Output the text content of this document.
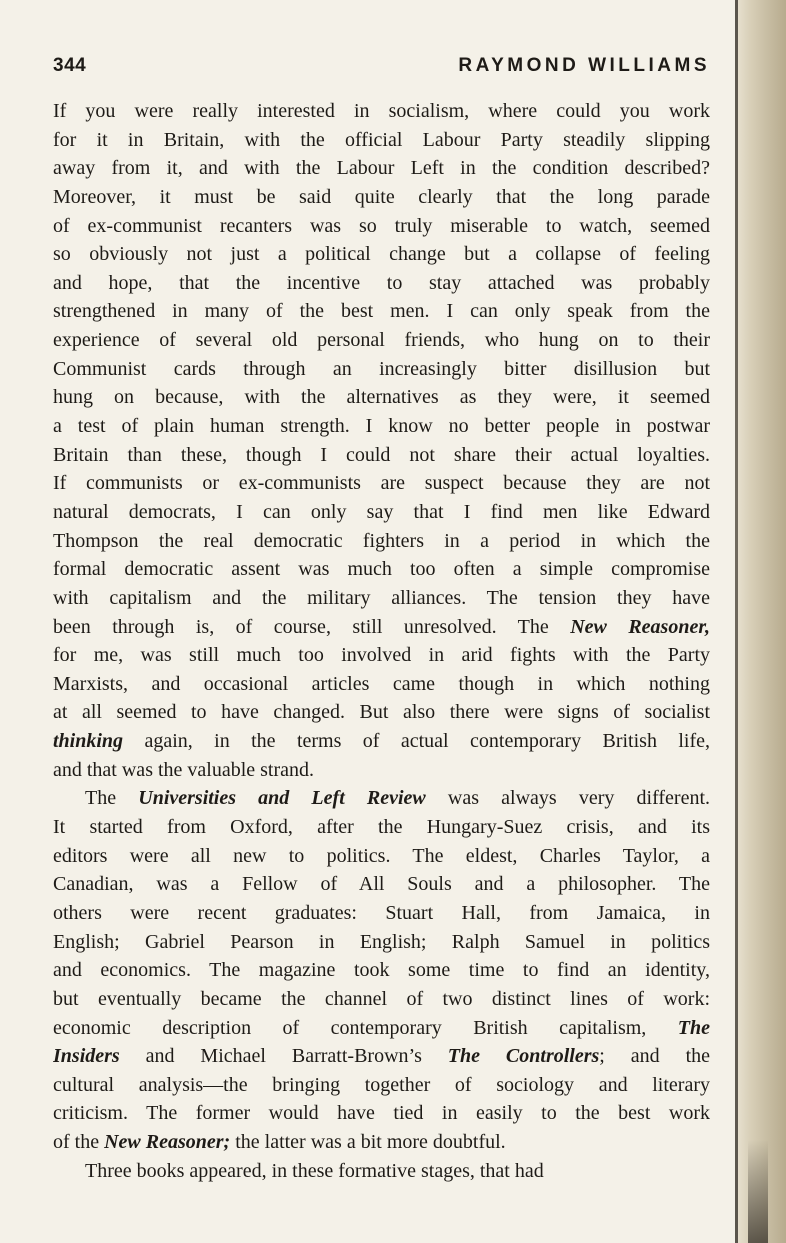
344	RAYMOND WILLIAMS
If you were really interested in socialism, where could you work
for it in Britain, with the official Labour Party steadily slipping
away from it, and with the Labour Left in the condition described?
Moreover, it must be said quite clearly that the long parade
of ex-communist recanters was so truly miserable to watch, seemed
so obviously not just a political change but a collapse of feeling
and hope, that the incentive to stay attached was probably
strengthened in many of the best men. I can only speak from the
experience of several old personal friends, who hung on to their
Communist cards through an increasingly bitter disillusion but
hung on because, with the alternatives as they were, it seemed
a test of plain human strength. I know no better people in postwar
Britain than these, though I could not share their actual loyalties.
If communists or ex-communists are suspect because they are not
natural democrats, I can only say that I find men like Edward
Thompson the real democratic fighters in a period in which the
formal democratic assent was much too often a simple compromise
with capitalism and the military alliances. The tension they have
been through is, of course, still unresolved. The New Reasoner,
for me, was still much too involved in arid fights with the Party
Marxists, and occasional articles came though in which nothing
at all seemed to have changed. But also there were signs of socialist
thinking again, in the terms of actual contemporary British life,
and that was the valuable strand.
The Universities and Left Review was always very different.
It started from Oxford, after the Hungary-Suez crisis, and its
editors were all new to politics. The eldest, Charles Taylor, a
Canadian, was a Fellow of All Souls and a philosopher. The
others were recent graduates: Stuart Hall, from Jamaica, in
English; Gabriel Pearson in English; Ralph Samuel in politics
and economics. The magazine took some time to find an identity,
but eventually became the channel of two distinct lines of work:
economic description of contemporary British capitalism, The
Insiders and Michael Barratt-Brown’s The Controllers; and the
cultural analysis—the bringing together of sociology and literary
criticism. The former would have tied in easily to the best work
of the New Reasoner; the latter was a bit more doubtful.
Three books appeared, in these formative stages, that had
